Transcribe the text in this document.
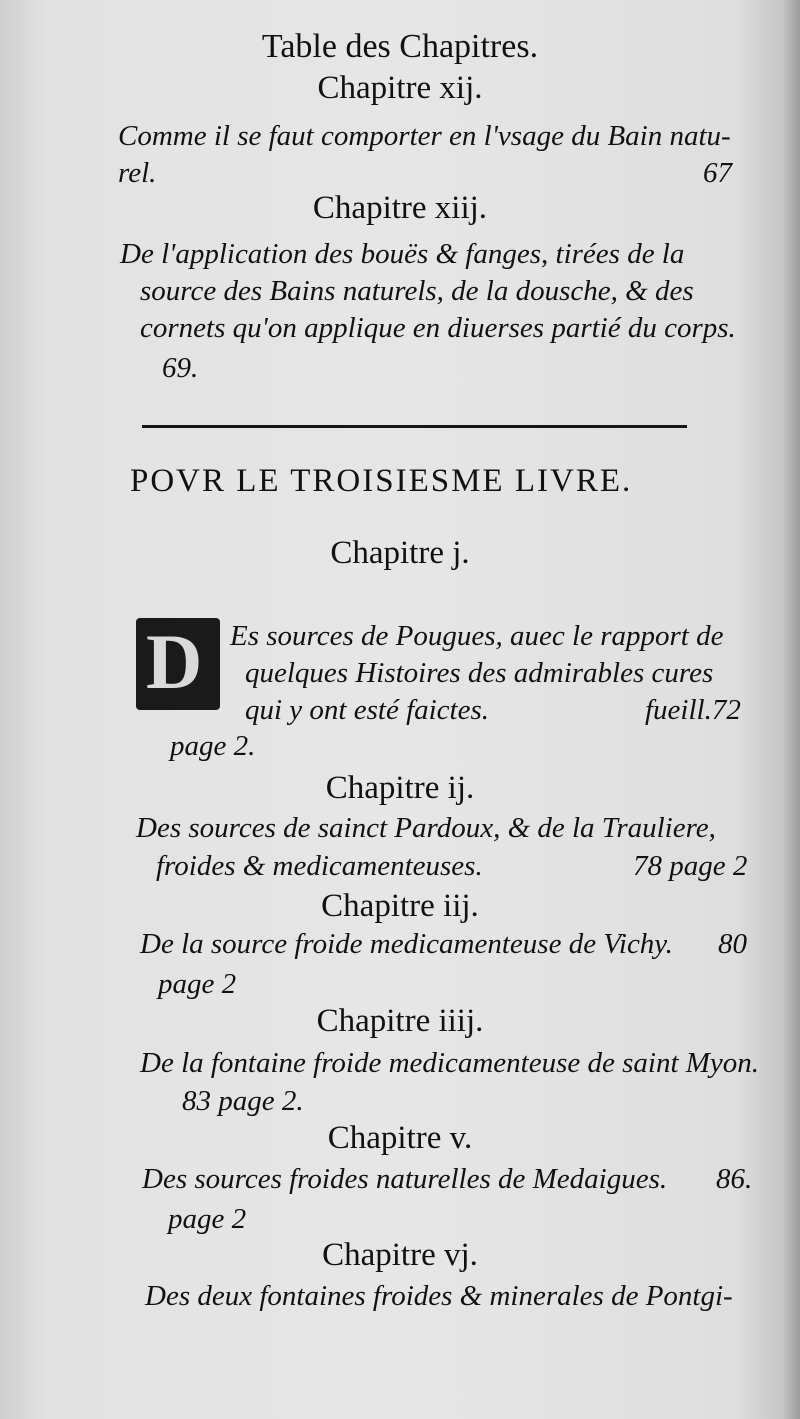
Table des Chapitres.
Chapitre xij.
Comme il se faut comporter en l'vsage du Bain natu-
rel.	67
Chapitre xiij.
De l'application des bouës & fanges, tirées de la
source des Bains naturels, de la dousche, & des
cornets qu'on applique en diuerses partié du corps.
69.
POVR LE TROISIESME LIVRE.
Chapitre j.
D Es sources de Pougues, auec le rapport de
quelques Histoires des admirables cures
qui y ont esté faictes.	fueill.72
page 2.
Chapitre ij.
Des sources de sainct Pardoux, & de la Trauliere,
froides & medicamenteuses.	78 page 2
Chapitre iij.
De la source froide medicamenteuse de Vichy. 80
page 2
Chapitre iiij.
De la fontaine froide medicamenteuse de saint Myon.
83 page 2.
Chapitre v.
Des sources froides naturelles de Medaigues. 86.
page 2
Chapitre vj.
Des deux fontaines froides & minerales de Pontgi-
